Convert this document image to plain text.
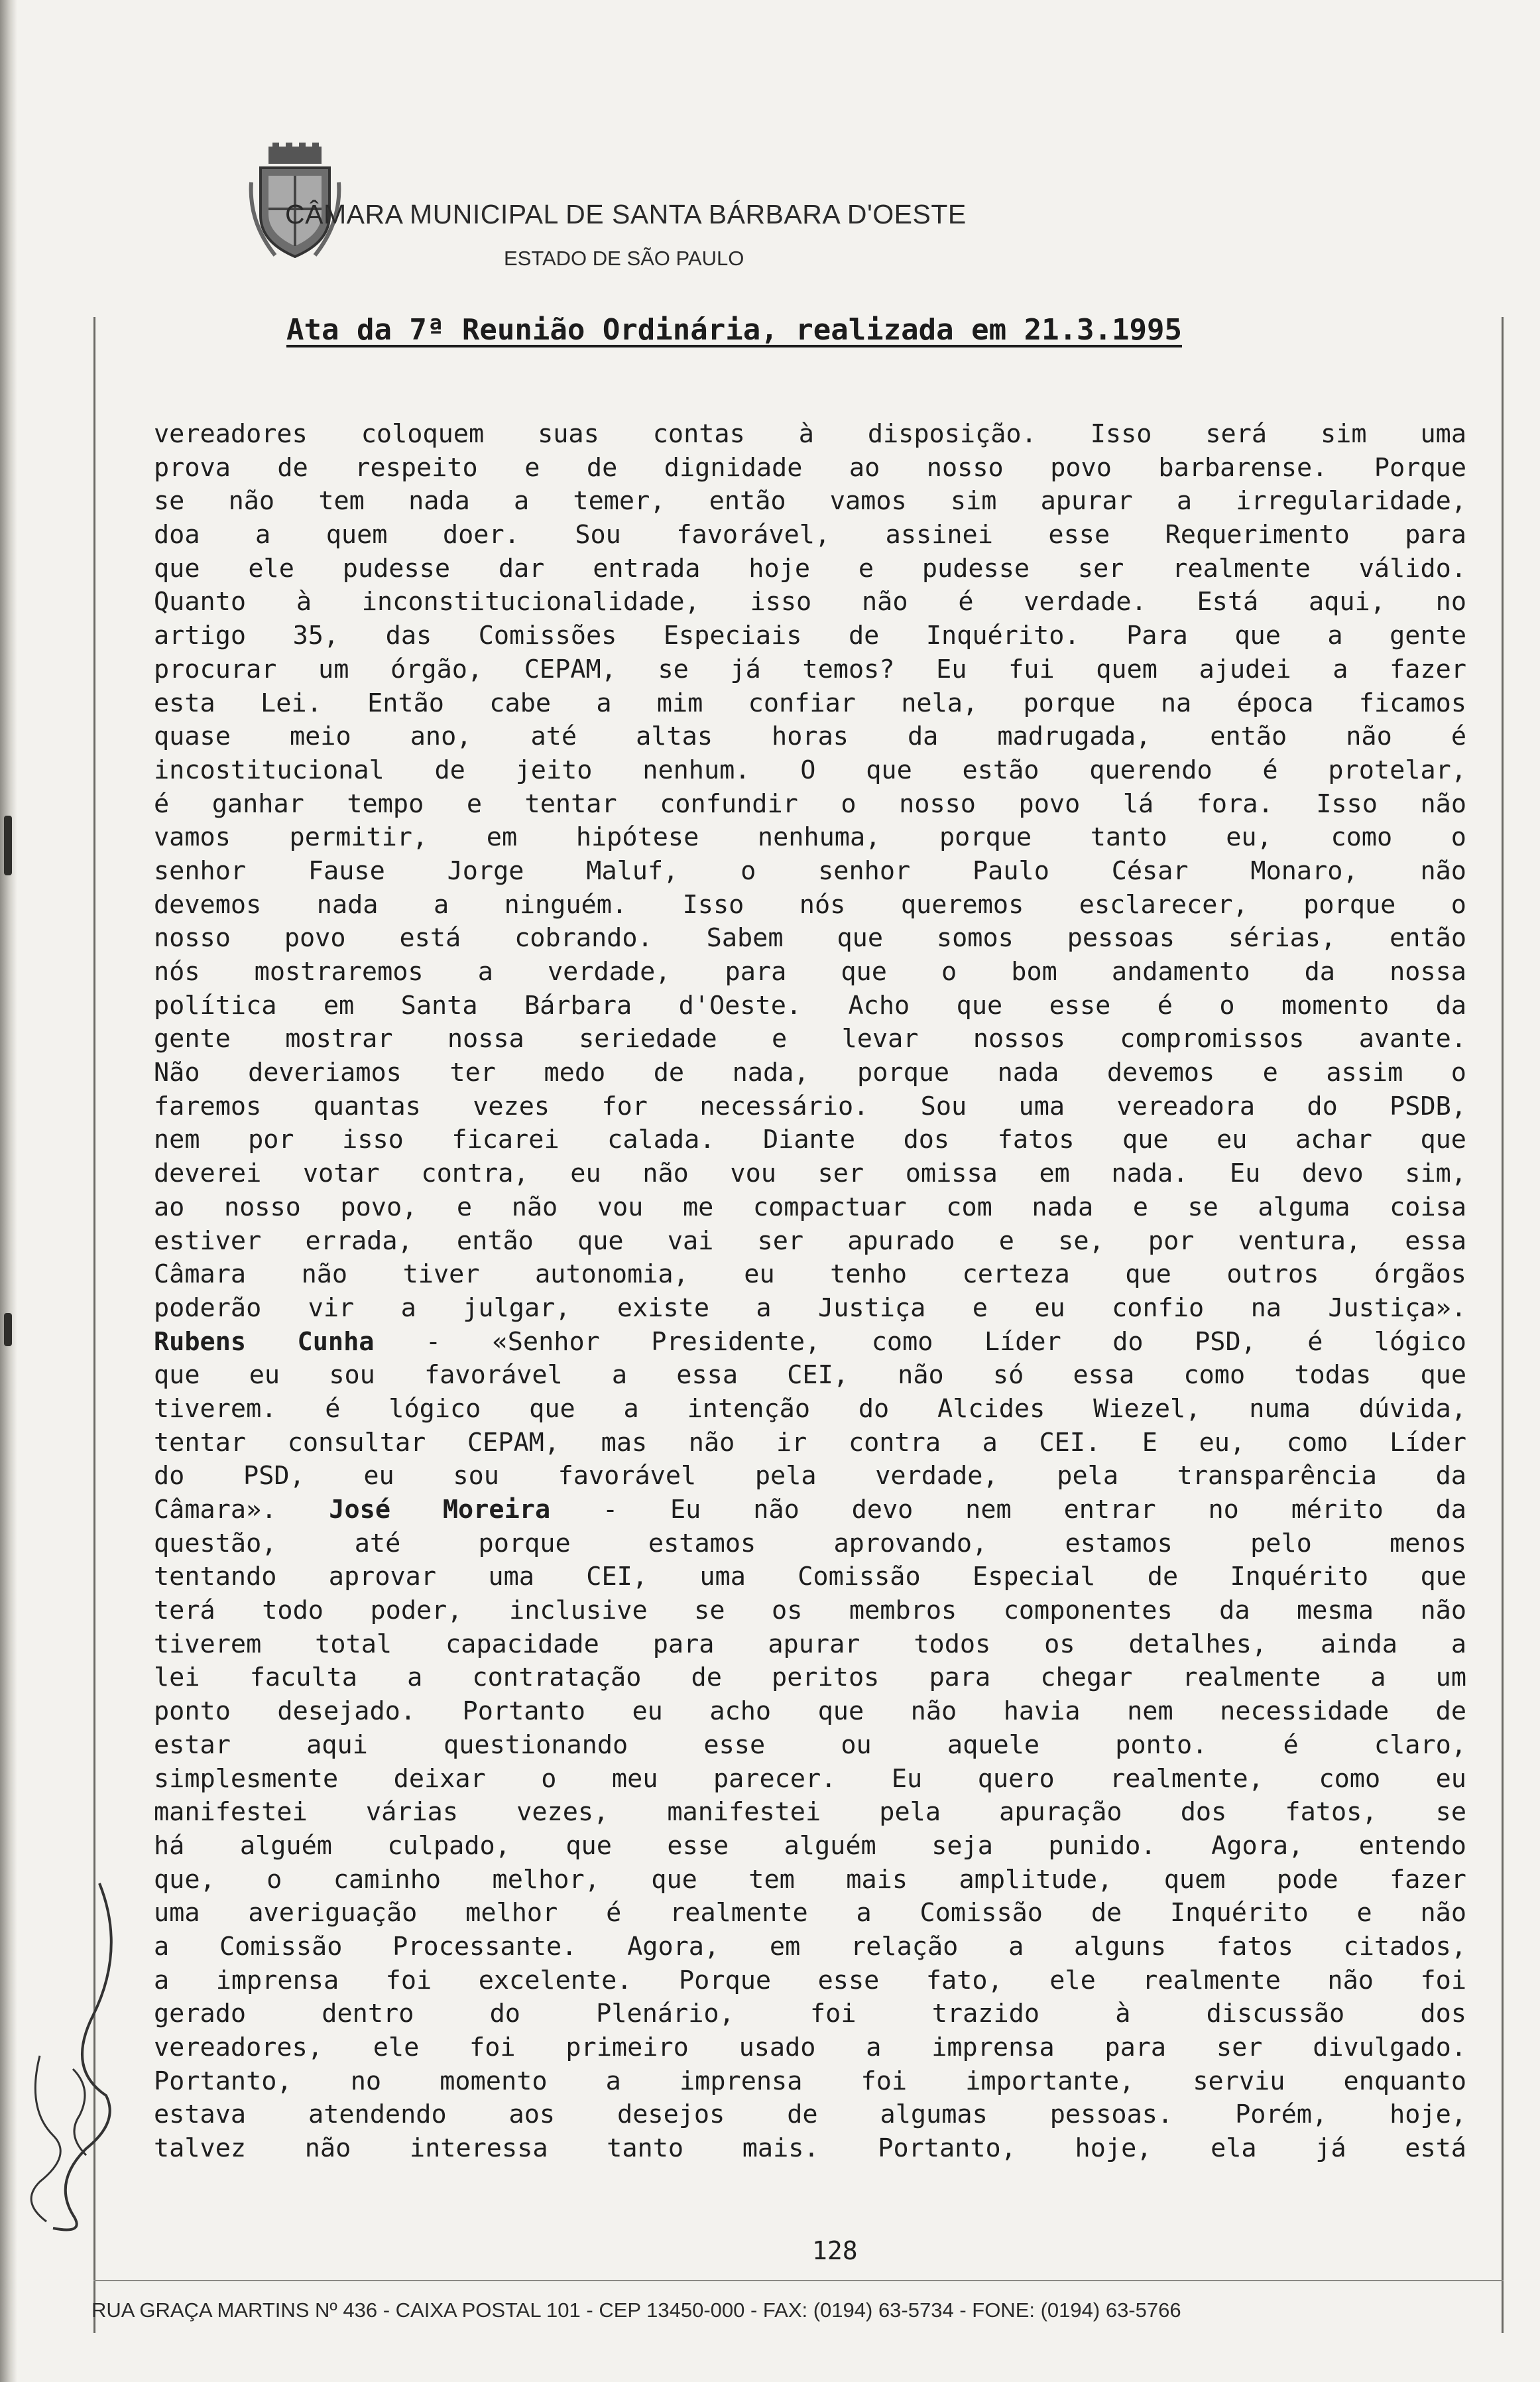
CÂMARA MUNICIPAL DE SANTA BÁRBARA D'OESTE
ESTADO DE SÃO PAULO
Ata da 7ª Reunião Ordinária, realizada em 21.3.1995
vereadores coloquem suas contas à disposição. Isso será sim uma
prova de respeito e de dignidade ao nosso povo barbarense. Porque
se não tem nada a temer, então vamos sim apurar a irregularidade,
doa a quem doer. Sou favorável, assinei esse Requerimento para
que ele pudesse dar entrada hoje e pudesse ser realmente válido.
Quanto à inconstitucionalidade, isso não é verdade. Está aqui, no
artigo 35, das Comissões Especiais de Inquérito. Para que a gente
procurar um órgão, CEPAM, se já temos? Eu fui quem ajudei a fazer
esta Lei. Então cabe a mim confiar nela, porque na época ficamos
quase meio ano, até altas horas da madrugada, então não é
incostitucional de jeito nenhum. O que estão querendo é protelar,
é ganhar tempo e tentar confundir o nosso povo lá fora. Isso não
vamos permitir, em hipótese nenhuma, porque tanto eu, como o
senhor Fause Jorge Maluf, o senhor Paulo César Monaro, não
devemos nada a ninguém. Isso nós queremos esclarecer, porque o
nosso povo está cobrando. Sabem que somos pessoas sérias, então
nós mostraremos a verdade, para que o bom andamento da nossa
política em Santa Bárbara d'Oeste. Acho que esse é o momento da
gente mostrar nossa seriedade e levar nossos compromissos avante.
Não deveriamos ter medo de nada, porque nada devemos e assim o
faremos quantas vezes for necessário. Sou uma vereadora do PSDB,
nem por isso ficarei calada. Diante dos fatos que eu achar que
deverei votar contra, eu não vou ser omissa em nada. Eu devo sim,
ao nosso povo, e não vou me compactuar com nada e se alguma coisa
estiver errada, então que vai ser apurado e se, por ventura, essa
Câmara não tiver autonomia, eu tenho certeza que outros órgãos
poderão vir a julgar, existe a Justiça e eu confio na Justiça».
Rubens Cunha - «Senhor Presidente, como Líder do PSD, é lógico
que eu sou favorável a essa CEI, não só essa como todas que
tiverem. é lógico que a intenção do Alcides Wiezel, numa dúvida,
tentar consultar CEPAM, mas não ir contra a CEI. E eu, como Líder
do PSD, eu sou favorável pela verdade, pela transparência da
Câmara». José Moreira - Eu não devo nem entrar no mérito da
questão, até porque estamos aprovando, estamos pelo menos
tentando aprovar uma CEI, uma Comissão Especial de Inquérito que
terá todo poder, inclusive se os membros componentes da mesma não
tiverem total capacidade para apurar todos os detalhes, ainda a
lei faculta a contratação de peritos para chegar realmente a um
ponto desejado. Portanto eu acho que não havia nem necessidade de
estar aqui questionando esse ou aquele ponto. é claro,
simplesmente deixar o meu parecer. Eu quero realmente, como eu
manifestei várias vezes, manifestei pela apuração dos fatos, se
há alguém culpado, que esse alguém seja punido. Agora, entendo
que, o caminho melhor, que tem mais amplitude, quem pode fazer
uma averiguação melhor é realmente a Comissão de Inquérito e não
a Comissão Processante. Agora, em relação a alguns fatos citados,
a imprensa foi excelente. Porque esse fato, ele realmente não foi
gerado dentro do Plenário, foi trazido à discussão dos
vereadores, ele foi primeiro usado a imprensa para ser divulgado.
Portanto, no momento a imprensa foi importante, serviu enquanto
estava atendendo aos desejos de algumas pessoas. Porém, hoje,
talvez não interessa tanto mais. Portanto, hoje, ela já está
128
RUA GRAÇA MARTINS Nº 436 - CAIXA POSTAL 101 - CEP 13450-000 - FAX: (0194) 63-5734 - FONE: (0194) 63-5766
